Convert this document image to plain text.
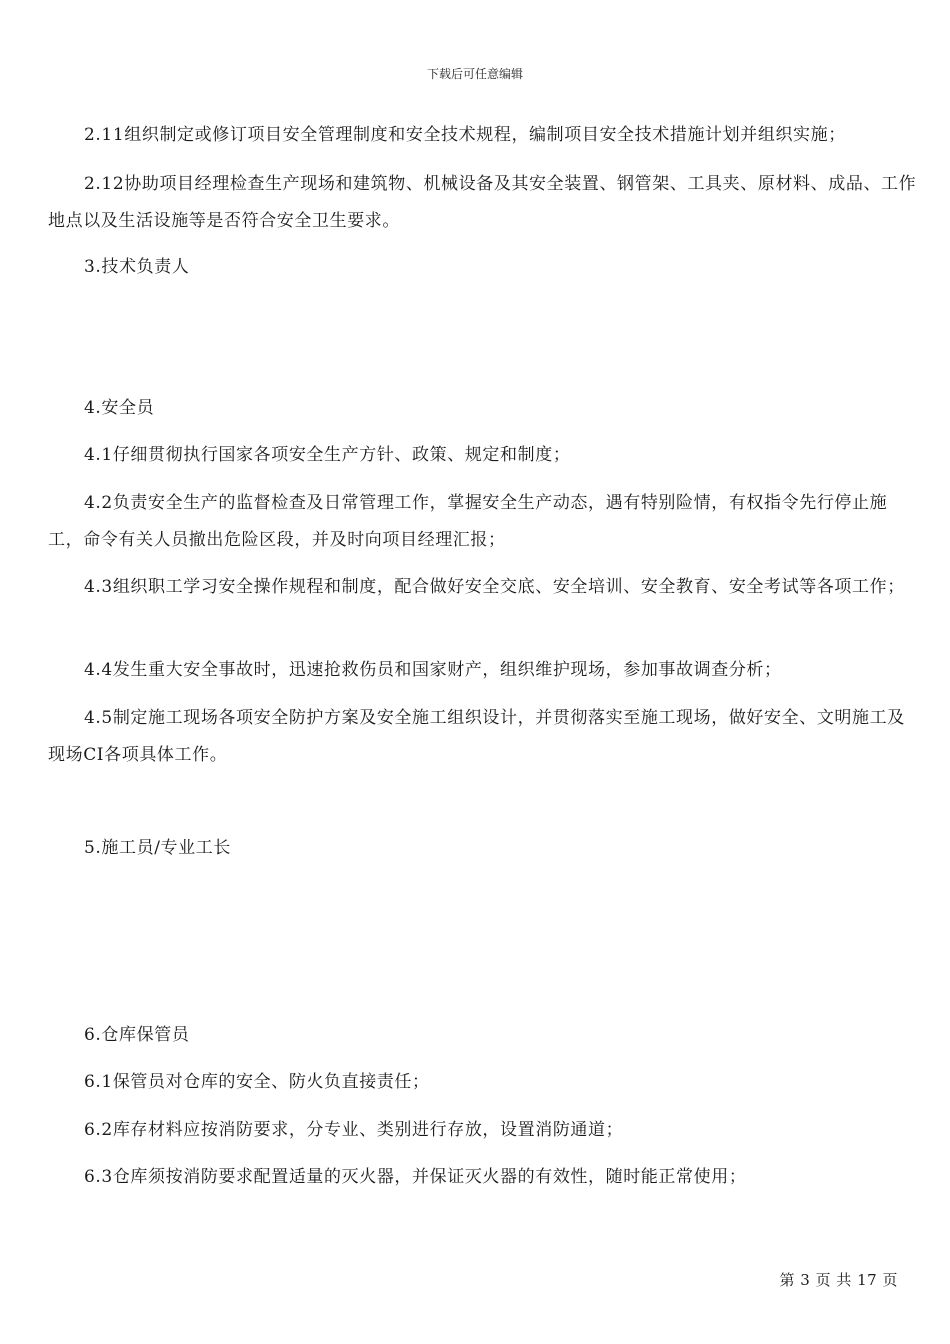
下载后可任意编辑

2.11组织制定或修订项目安全管理制度和安全技术规程，编制项目安全技术措施计划并组织实施；

2.12协助项目经理检查生产现场和建筑物、机械设备及其安全装置、钢管架、工具夹、原材料、成品、工作地点以及生活设施等是否符合安全卫生要求。

3.技术负责人

4.安全员

4.1仔细贯彻执行国家各项安全生产方针、政策、规定和制度；

4.2负责安全生产的监督检查及日常管理工作，掌握安全生产动态，遇有特别险情，有权指令先行停止施工，命令有关人员撤出危险区段，并及时向项目经理汇报；

4.3组织职工学习安全操作规程和制度，配合做好安全交底、安全培训、安全教育、安全考试等各项工作；

4.4发生重大安全事故时，迅速抢救伤员和国家财产，组织维护现场，参加事故调查分析；

4.5制定施工现场各项安全防护方案及安全施工组织设计，并贯彻落实至施工现场，做好安全、文明施工及现场CI各项具体工作。

5.施工员/专业工长

6.仓库保管员

6.1保管员对仓库的安全、防火负直接责任；

6.2库存材料应按消防要求，分专业、类别进行存放，设置消防通道；

6.3仓库须按消防要求配置适量的灭火器，并保证灭火器的有效性，随时能正常使用；

第 3 页 共 17 页
